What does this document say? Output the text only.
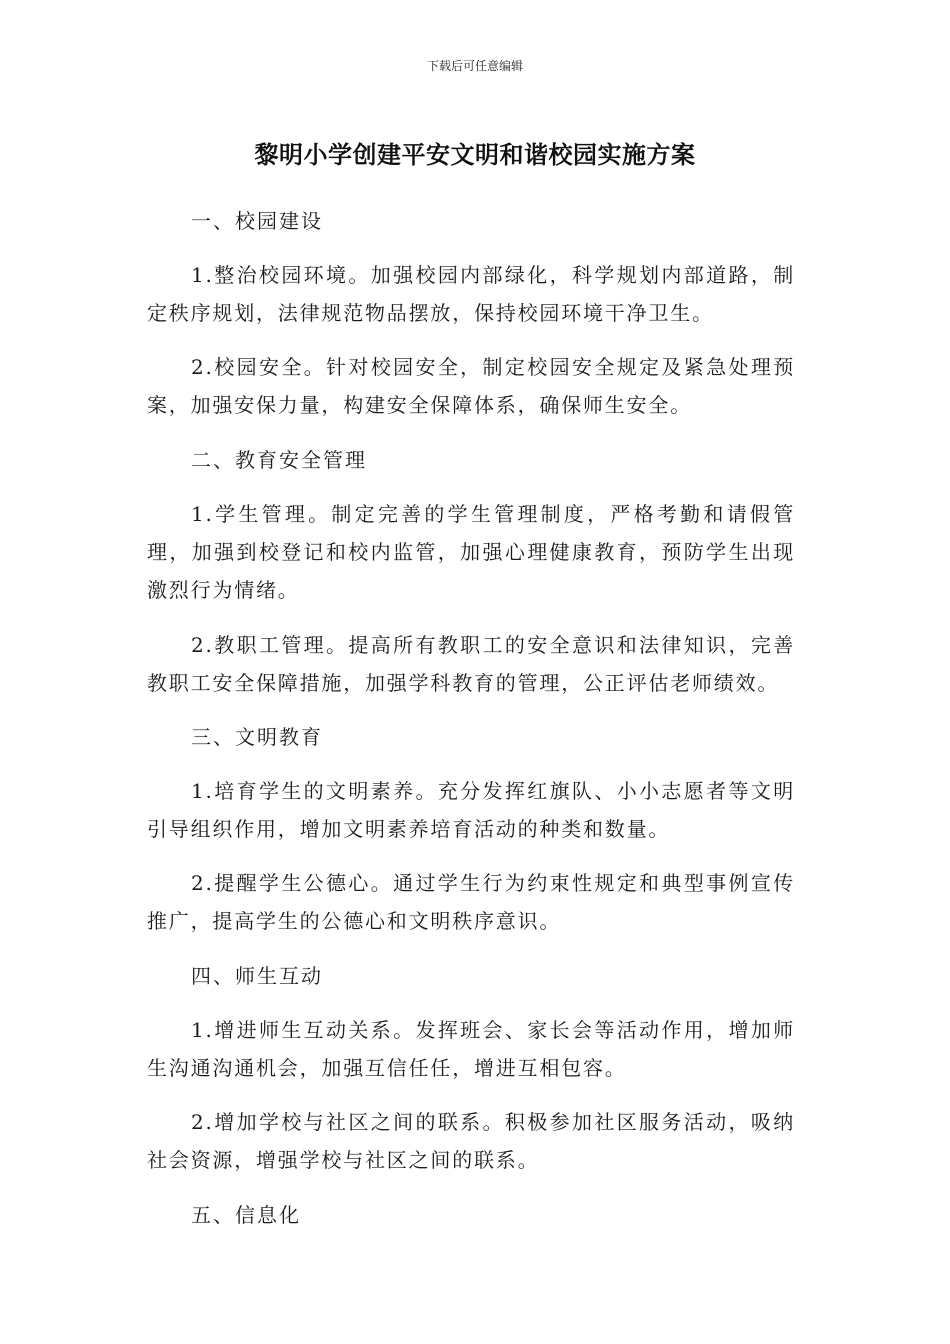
下载后可任意编辑
黎明小学创建平安文明和谐校园实施方案
一、校园建设

1.整治校园环境。加强校园内部绿化，科学规划内部道路，制定秩序规划，法律规范物品摆放，保持校园环境干净卫生。

2.校园安全。针对校园安全，制定校园安全规定及紧急处理预案，加强安保力量，构建安全保障体系，确保师生安全。

二、教育安全管理

1.学生管理。制定完善的学生管理制度，严格考勤和请假管理，加强到校登记和校内监管，加强心理健康教育，预防学生出现激烈行为情绪。

2.教职工管理。提高所有教职工的安全意识和法律知识，完善教职工安全保障措施，加强学科教育的管理，公正评估老师绩效。

三、文明教育

1.培育学生的文明素养。充分发挥红旗队、小小志愿者等文明引导组织作用，增加文明素养培育活动的种类和数量。

2.提醒学生公德心。通过学生行为约束性规定和典型事例宣传推广，提高学生的公德心和文明秩序意识。

四、师生互动

1.增进师生互动关系。发挥班会、家长会等活动作用，增加师生沟通沟通机会，加强互信任任，增进互相包容。

2.增加学校与社区之间的联系。积极参加社区服务活动，吸纳社会资源，增强学校与社区之间的联系。

五、信息化
